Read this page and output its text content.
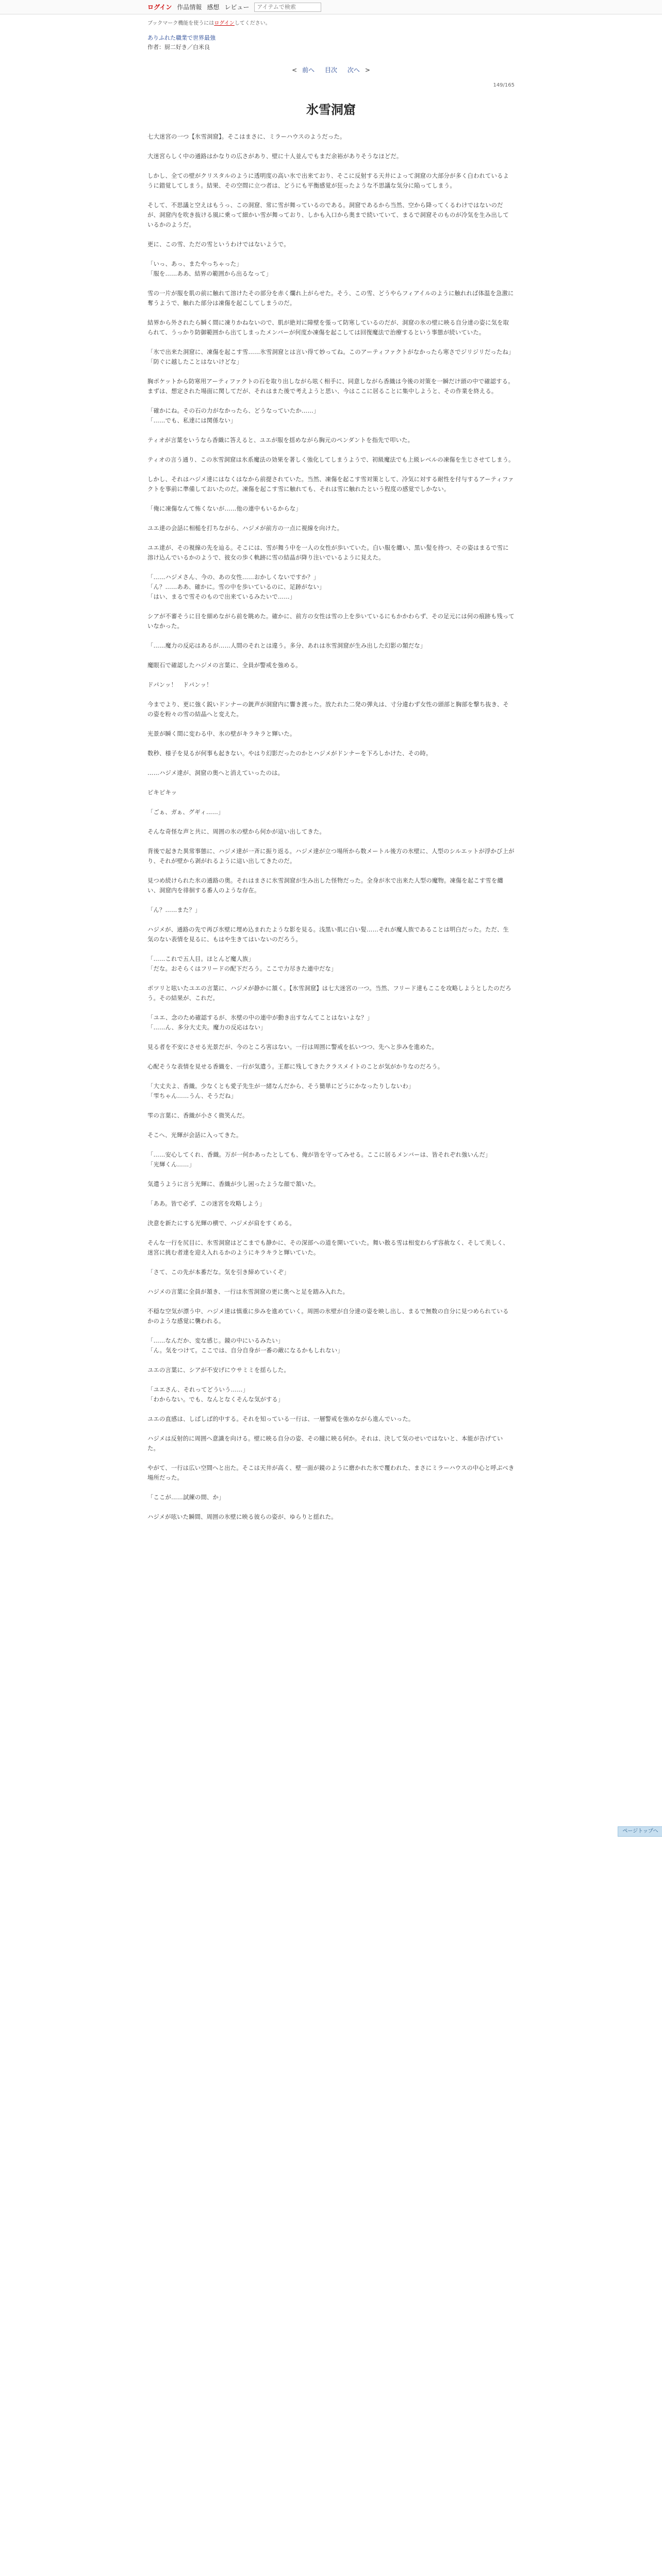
ログイン 作品情報 感想 レビュー
アイテムで検索
ブックマーク機能を使うにはログインしてください。
ありふれた職業で世界最強
作者：厨二好き／白米良
< 前へ 目次 次へ >
149/165
氷雪洞窟

七大迷宮の一つ【氷雪洞窟】。そこはまさに、ミラーハウスのようだった。

大迷宮らしく中の通路はかなりの広さがあり、壁に十人並んでもまだ余裕がありそうなほどだ。

しかし、全ての壁がクリスタルのように透明度の高い氷で出来ており、そこに反射する天井によって洞窟の大部分が多く白われているように錯覚してしまう。結果、その空間に立つ者は、どうにも平衡感覚が狂ったような不思議な気分に陥ってしまう。

そして、不思議と空えはもうっ、この洞窟、常に雪が舞っているのである。洞窟であるから当然、空から降ってくるわけではないのだが、洞窟内を吹き抜ける風に乗って細かい雪が舞っており、しかも入口から奥まで続いていて、まるで洞窟そのものが冷気を生み出しているかのようだ。

更に、この雪、ただの雪というわけではないようで。

「いっ、あっ、またやっちゃった」

「服を……ああ、結界の範囲から出るなって」

雪の一片が服を肌の前に触れて溶けたその部分を赤く爛れ上がらせた。そう、この雪、どうやらフィアイルのように触れれば体温を急激に奪うようで、触れた部分は凍傷を起こしてしまうのだ。

結界から外されたら瞬く間に凍りかねないので、肌が絶対に障壁を張って防寒しているのだが、洞窟の氷の壁に映る自分達の姿に気を取られて、うっかり防御範囲から出てしまったメンバーが何度か凍傷を起こしては回復魔法で治療するという事態が続いていた。

「氷で出来た洞窟に、凍傷を起こす雪……氷雪洞窟とは言い得て妙ってね。このアーティファクトがなかったら寒さでジリジリだったね」

「防ぐに越したことはないけどな」

胸ポケットから防寒用アーティファクトの石を取り出しながら呟く相手に、同意しながら香織は今後の対策を一瞬だけ頭の中で確認する。まずは、想定された場面に関してだが、それはまた後で考えようと思い、今はここに居ることに集中しようと、その作業を終える。

「確かにね。その石の力がなかったら、どうなっていたか……」

「……でも、私達には関係ない」

ティオが言葉をいうなら香織に答えると、ユエが服を揺めながら胸元のペンダントを指先で叩いた。

ティオの言う通り、この氷雪洞窟は氷系魔法の効果を著しく強化してしまうようで、初級魔法でも上級レベルの凍傷を生じさせてしまう。

しかし、それはハジメ達にはなくはなから前提されていた。当然、凍傷を起こす雪対策として、冷気に対する耐性を付与するアーティファクトを事前に準備しておいたのだ。凍傷を起こす雪に触れても、それは雪に触れたという程度の感覚でしかない。

「俺に凍傷なんて怖くないが……他の連中もいるからな」

ユエ達の会話に相槌を打ちながら、ハジメが前方の一点に視線を向けた。

ユエ達が、その視線の先を辿る。そこには、雪が舞う中を一人の女性が歩いていた。白い服を纏い、黒い髪を持つ、その姿はまるで雪に溶け込んでいるかのようで、彼女の歩く軌跡に雪の結晶が降り注いでいるように見えた。

「……ハジメさん、今の、あの女性……おかしくないですか？」

「ん？……ああ、確かに。雪の中を歩いているのに、足跡がない」

「はい、まるで雪そのもので出来ているみたいで……」

シアが不審そうに目を細めながら前を眺めた。確かに、前方の女性は雪の上を歩いているにもかかわらず、その足元には何の痕跡も残っていなかった。

「……魔力の反応はあるが……人間のそれとは違う。多分、あれは氷雪洞窟が生み出した幻影の類だな」

魔眼石で確認したハジメの言葉に、全員が警戒を強める。

ドパンッ！　ドパンッ！

今までより、更に強く鋭いドンナーの銃声が洞窟内に響き渡った。放たれた二発の弾丸は、寸分違わず女性の頭部と胸部を撃ち抜き、その姿を粉々の雪の結晶へと変えた。

光景が瞬く間に変わる中、氷の壁がキラキラと輝いた。

数秒、様子を見るが何事も起きない。やはり幻影だったのかとハジメがドンナーを下ろしかけた、その時。

……ハジメ達が、洞窟の奥へと消えていったのは。

ピキピキッ

「ごぁ、ガぁ、グギィ……」

そんな奇怪な声と共に、周囲の氷の壁から何かが這い出してきた。

背後で起きた異常事態に、ハジメ達が一斉に振り返る。ハジメ達が立つ場所から数メートル後方の氷壁に、人型のシルエットが浮かび上がり、それが壁から剥がれるように這い出してきたのだ。

見つめ続けられた氷の通路の奥。それはまさに氷雪洞窟が生み出した怪物だった。全身が氷で出来た人型の魔物。凍傷を起こす雪を纏い、洞窟内を徘徊する番人のような存在。

「ん？……また？」

ハジメが、通路の先で再び氷壁に埋め込まれたような影を見る。浅黒い肌に白い髪……それが魔人族であることは明白だった。ただ、生気のない表情を見るに、もはや生きてはいないのだろう。

「……これで五人目。ほとんど魔人族」

「だな。おそらくはフリードの配下だろう。ここで力尽きた連中だな」

ポツリと呟いたユエの言葉に、ハジメが静かに頷く。【氷雪洞窟】は七大迷宮の一つ。当然、フリード達もここを攻略しようとしたのだろう。その結果が、これだ。

「ユエ、念のため確認するが、氷壁の中の連中が動き出すなんてことはないよな？」

「……ん、多分大丈夫。魔力の反応はない」

見る者を不安にさせる光景だが、今のところ害はない。一行は周囲に警戒を払いつつ、先へと歩みを進めた。

心配そうな表情を見せる香織を、一行が気遣う。王都に残してきたクラスメイトのことが気がかりなのだろう。

「大丈夫よ、香織。少なくとも愛子先生が一緒なんだから、そう簡単にどうにかなったりしないわ」

「雫ちゃん……うん、そうだね」

雫の言葉に、香織が小さく微笑んだ。

そこへ、光輝が会話に入ってきた。

「……安心してくれ、香織。万が一何かあったとしても、俺が皆を守ってみせる。ここに居るメンバーは、皆それぞれ強いんだ」

「光輝くん……」

気遣うように言う光輝に、香織が少し困ったような顔で頷いた。

「ああ。皆で必ず、この迷宮を攻略しよう」

決意を新たにする光輝の横で、ハジメが肩をすくめる。

そんな一行を尻目に、氷雪洞窟はどこまでも静かに、その深部への道を開いていた。舞い散る雪は相変わらず容赦なく、そして美しく、迷宮に挑む者達を迎え入れるかのようにキラキラと輝いていた。

「さて、この先が本番だな。気を引き締めていくぞ」

ハジメの言葉に全員が頷き、一行は氷雪洞窟の更に奥へと足を踏み入れた。

不穏な空気が漂う中、ハジメ達は慎重に歩みを進めていく。周囲の氷壁が自分達の姿を映し出し、まるで無数の自分に見つめられているかのような感覚に襲われる。

「……なんだか、変な感じ。鏡の中にいるみたい」

「ん。気をつけて。ここでは、自分自身が一番の敵になるかもしれない」

ユエの言葉に、シアが不安げにウサミミを揺らした。

「ユエさん、それってどういう……」

「わからない。でも、なんとなくそんな気がする」

ユエの直感は、しばしば的中する。それを知っている一行は、一層警戒を強めながら進んでいった。

ハジメは反射的に周囲へ意識を向ける。壁に映る自分の姿、その瞳に映る何か。それは、決して気のせいではないと、本能が告げていた。

やがて、一行は広い空間へと出た。そこは天井が高く、壁一面が鏡のように磨かれた氷で覆われた、まさにミラーハウスの中心と呼ぶべき場所だった。

「ここが……試練の間、か」

ハジメが呟いた瞬間、周囲の氷壁に映る彼らの姿が、ゆらりと揺れた。

ページトップへ
